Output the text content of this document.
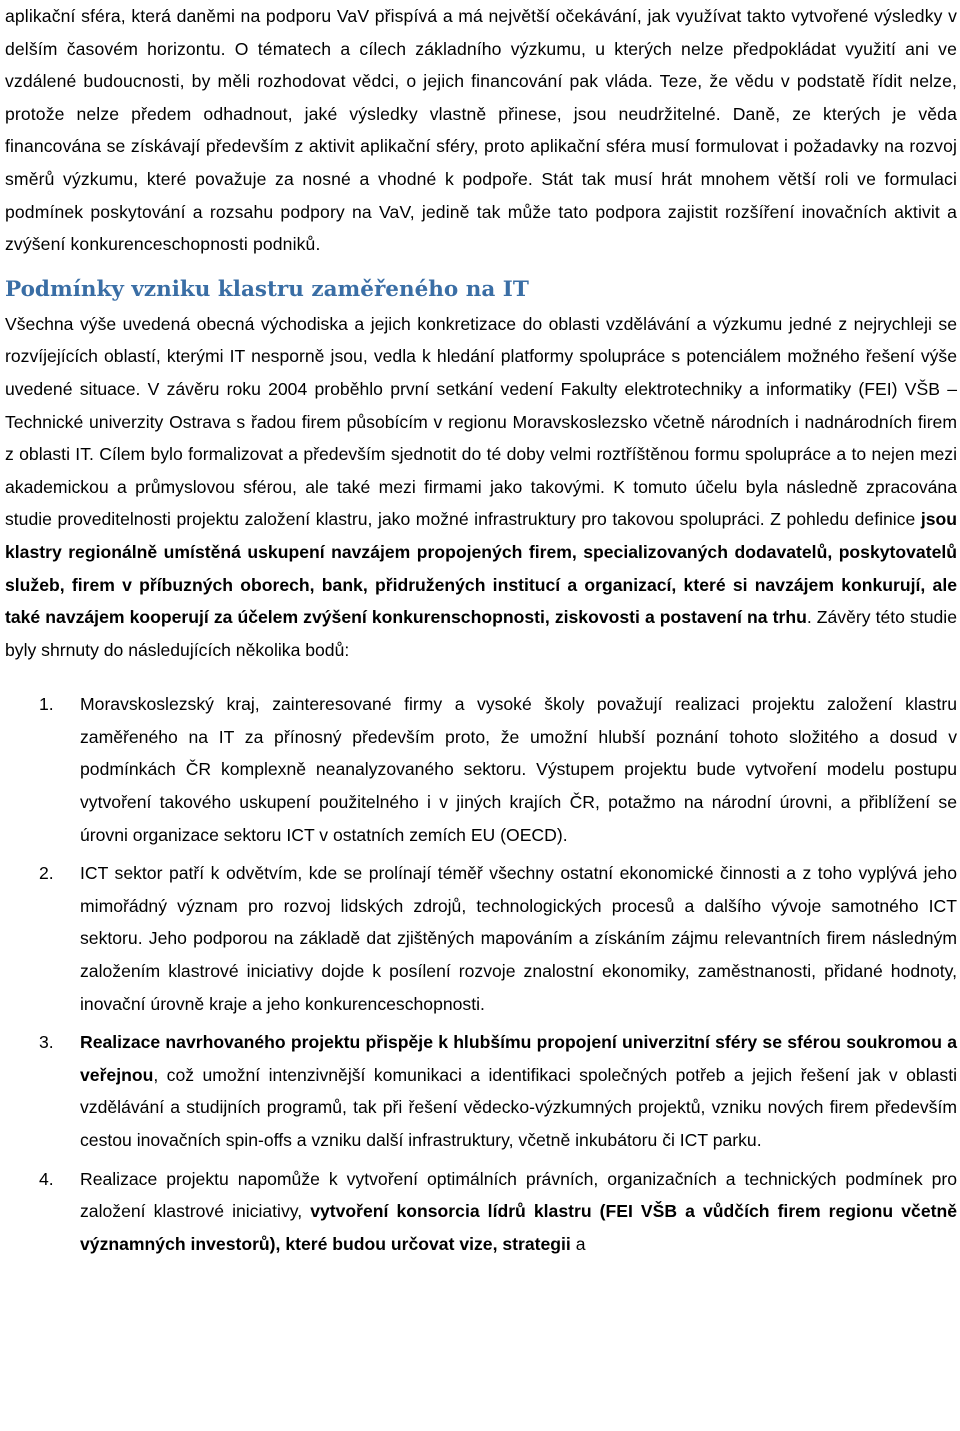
aplikační sféra, která daněmi na podporu VaV přispívá a má největší očekávání, jak využívat takto vytvořené výsledky v delším časovém horizontu. O tématech a cílech základního výzkumu, u kterých nelze předpokládat využití ani ve vzdálené budoucnosti, by měli rozhodovat vědci, o jejich financování pak vláda. Teze, že vědu v podstatě řídit nelze, protože nelze předem odhadnout, jaké výsledky vlastně přinese, jsou neudržitelné. Daně, ze kterých je věda financována se získávají především z aktivit aplikační sféry, proto aplikační sféra musí formulovat i požadavky na rozvoj směrů výzkumu, které považuje za nosné a vhodné k podpoře. Stát tak musí hrát mnohem větší roli ve formulaci podmínek poskytování a rozsahu podpory na VaV, jedině tak může tato podpora zajistit rozšíření inovačních aktivit a zvýšení konkurenceschopnosti podniků.

Podmínky vzniku klastru zaměřeného na IT

Všechna výše uvedená obecná východiska a jejich konkretizace do oblasti vzdělávání a výzkumu jedné z nejrychleji se rozvíjejících oblastí, kterými IT nesporně jsou, vedla k hledání platformy spolupráce s potenciálem možného řešení výše uvedené situace. V závěru roku 2004 proběhlo první setkání vedení Fakulty elektrotechniky a informatiky (FEI) VŠB – Technické univerzity Ostrava s řadou firem působícím v regionu Moravskoslezsko včetně národních i nadnárodních firem z oblasti IT. Cílem bylo formalizovat a především sjednotit do té doby velmi roztříštěnou formu spolupráce a to nejen mezi akademickou a průmyslovou sférou, ale také mezi firmami jako takovými. K tomuto účelu byla následně zpracována studie proveditelnosti projektu založení klastru, jako možné infrastruktury pro takovou spolupráci. Z pohledu definice jsou klastry regionálně umístěná uskupení navzájem propojených firem, specializovaných dodavatelů, poskytovatelů služeb, firem v příbuzných oborech, bank, přidružených institucí a organizací, které si navzájem konkurují, ale také navzájem kooperují za účelem zvýšení konkurenschopnosti, ziskovosti a postavení na trhu. Závěry této studie byly shrnuty do následujících několika bodů:

1. Moravskoslezský kraj, zainteresované firmy a vysoké školy považují realizaci projektu založení klastru zaměřeného na IT za přínosný především proto, že umožní hlubší poznání tohoto složitého a dosud v podmínkách ČR komplexně neanalyzovaného sektoru. Výstupem projektu bude vytvoření modelu postupu vytvoření takového uskupení použitelného i v jiných krajích ČR, potažmo na národní úrovni, a přiblížení se úrovni organizace sektoru ICT v ostatních zemích EU (OECD).
2. ICT sektor patří k odvětvím, kde se prolínají téměř všechny ostatní ekonomické činnosti a z toho vyplývá jeho mimořádný význam pro rozvoj lidských zdrojů, technologických procesů a dalšího vývoje samotného ICT sektoru. Jeho podporou na základě dat zjištěných mapováním a získáním zájmu relevantních firem následným založením klastrové iniciativy dojde k posílení rozvoje znalostní ekonomiky, zaměstnanosti, přidané hodnoty, inovační úrovně kraje a jeho konkurenceschopnosti.
3. Realizace navrhovaného projektu přispěje k hlubšímu propojení univerzitní sféry se sférou soukromou a veřejnou, což umožní intenzivnější komunikaci a identifikaci společných potřeb a jejich řešení jak v oblasti vzdělávání a studijních programů, tak při řešení vědecko-výzkumných projektů, vzniku nových firem především cestou inovačních spin-offs a vzniku další infrastruktury, včetně inkubátoru či ICT parku.
4. Realizace projektu napomůže k vytvoření optimálních právních, organizačních a technických podmínek pro založení klastrové iniciativy, vytvoření konsorcia lídrů klastru (FEI VŠB a vůdčích firem regionu včetně významných investorů), které budou určovat vize, strategii a
